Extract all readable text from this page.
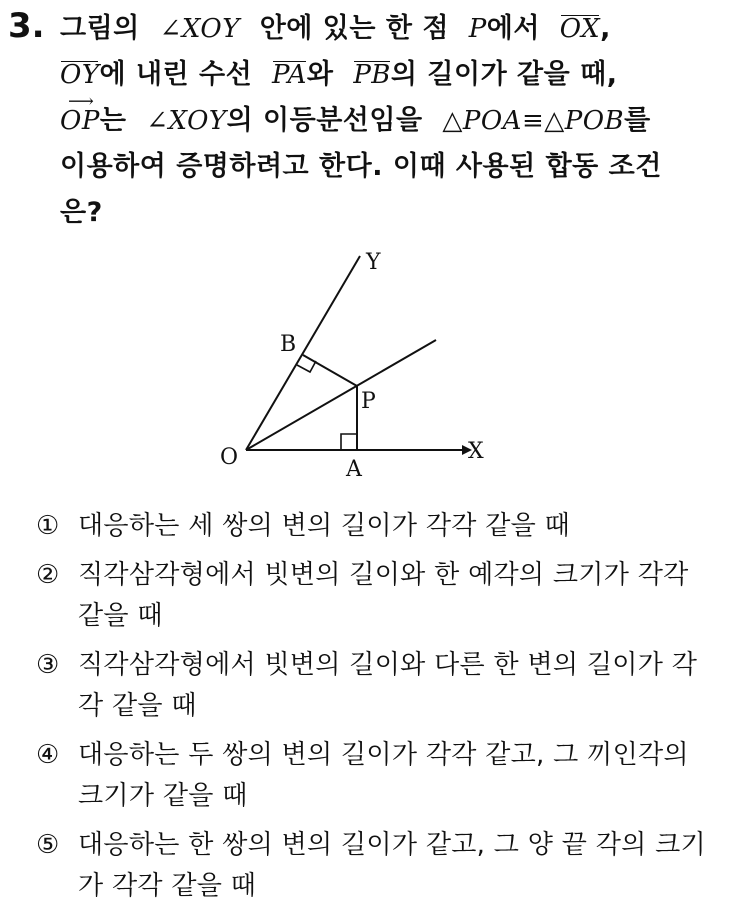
3. 그림의 ∠XOY 안에 있는 한 점 P에서 OX,
OY에 내린 수선 PA와 PB의 길이가 같을 때,
⟶
OP는 ∠XOY의 이등분선임을 △POA≡△POB를
이용하여 증명하려고 한다. 이때 사용된 합동 조건
은?
Y
B
P
O	A
X
① 대응하는 세 쌍의 변의 길이가 각각 같을 때
② 직각삼각형에서 빗변의 길이와 한 예각의 크기가 각각 같을 때
③ 직각삼각형에서 빗변의 길이와 다른 한 변의 길이가 각각 같을 때
④ 대응하는 두 쌍의 변의 길이가 각각 같고, 그 끼인각의 크기가 같을 때
⑤ 대응하는 한 쌍의 변의 길이가 같고, 그 양 끝 각의 크기가 각각 같을 때
